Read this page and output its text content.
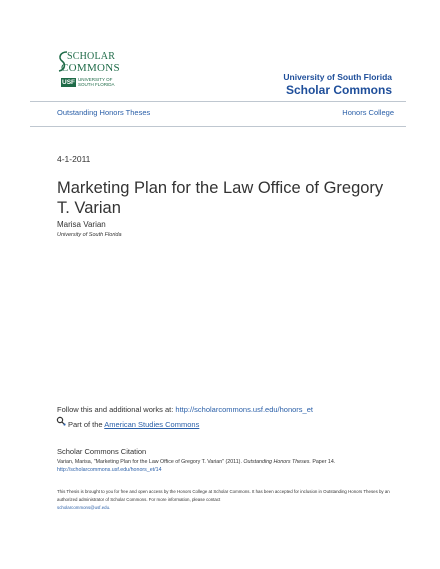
SCHOLAR
COMMONS
USF UNIVERSITY OF
SOUTH FLORIDA
University of South Florida
Scholar Commons
Outstanding Honors Theses	Honors College
4-1-2011
Marketing Plan for the Law Office of Gregory T. Varian
Marisa Varian
University of South Florida
Follow this and additional works at: http://scholarcommons.usf.edu/honors_et
Part of the American Studies Commons
Scholar Commons Citation
Varian, Marisa, "Marketing Plan for the Law Office of Gregory T. Varian" (2011). Outstanding Honors Theses. Paper 14.
http://scholarcommons.usf.edu/honors_et/14
This Thesis is brought to you for free and open access by the Honors College at Scholar Commons. It has been accepted for inclusion in Outstanding Honors Theses by an authorized administrator of Scholar Commons. For more information, please contact
scholarcommons@usf.edu.
